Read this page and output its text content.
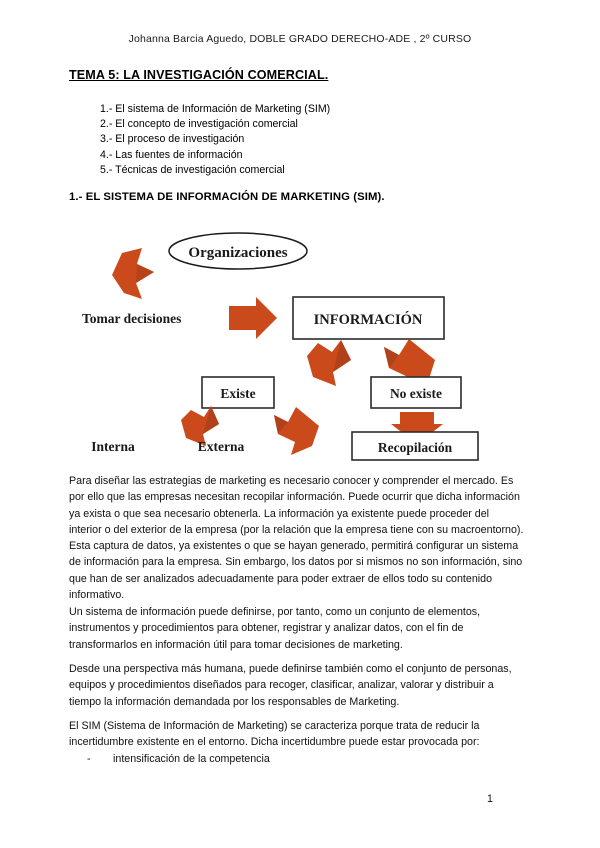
Johanna Barcia Aguedo, DOBLE GRADO DERECHO-ADE , 2º CURSO
TEMA 5: LA INVESTIGACIÓN COMERCIAL.
1.- El sistema de Información de Marketing (SIM)
2.- El concepto de investigación comercial
3.- El proceso de investigación
4.- Las fuentes de información
5.- Técnicas de investigación comercial
1.- EL SISTEMA DE INFORMACIÓN DE MARKETING (SIM).
Organizaciones
Tomar decisiones	INFORMACIÓN
Existe	No existe
Interna	Externa	Recopilación
Para diseñar las estrategias de marketing es necesario conocer y comprender el mercado. Es por ello que las empresas necesitan recopilar información. Puede ocurrir que dicha información ya exista o que sea necesario obtenerla. La información ya existente puede proceder del interior o del exterior de la empresa (por la relación que la empresa tiene con su macroentorno). Esta captura de datos, ya existentes o que se hayan generado, permitirá configurar un sistema de información para la empresa. Sin embargo, los datos por si mismos no son información, sino que han de ser analizados adecuadamente para poder extraer de ellos todo su contenido informativo.
Un sistema de información puede definirse, por tanto, como un conjunto de elementos, instrumentos y procedimientos para obtener, registrar y analizar datos, con el fin de transformarlos en información útil para tomar decisiones de marketing.
Desde una perspectiva más humana, puede definirse también como el conjunto de personas, equipos y procedimientos diseñados para recoger, clasificar, analizar, valorar y distribuir a tiempo la información demandada por los responsables de Marketing.
El SIM (Sistema de Información de Marketing) se caracteriza porque trata de reducir la incertidumbre existente en el entorno. Dicha incertidumbre puede estar provocada por:
-	intensificación de la competencia
1
